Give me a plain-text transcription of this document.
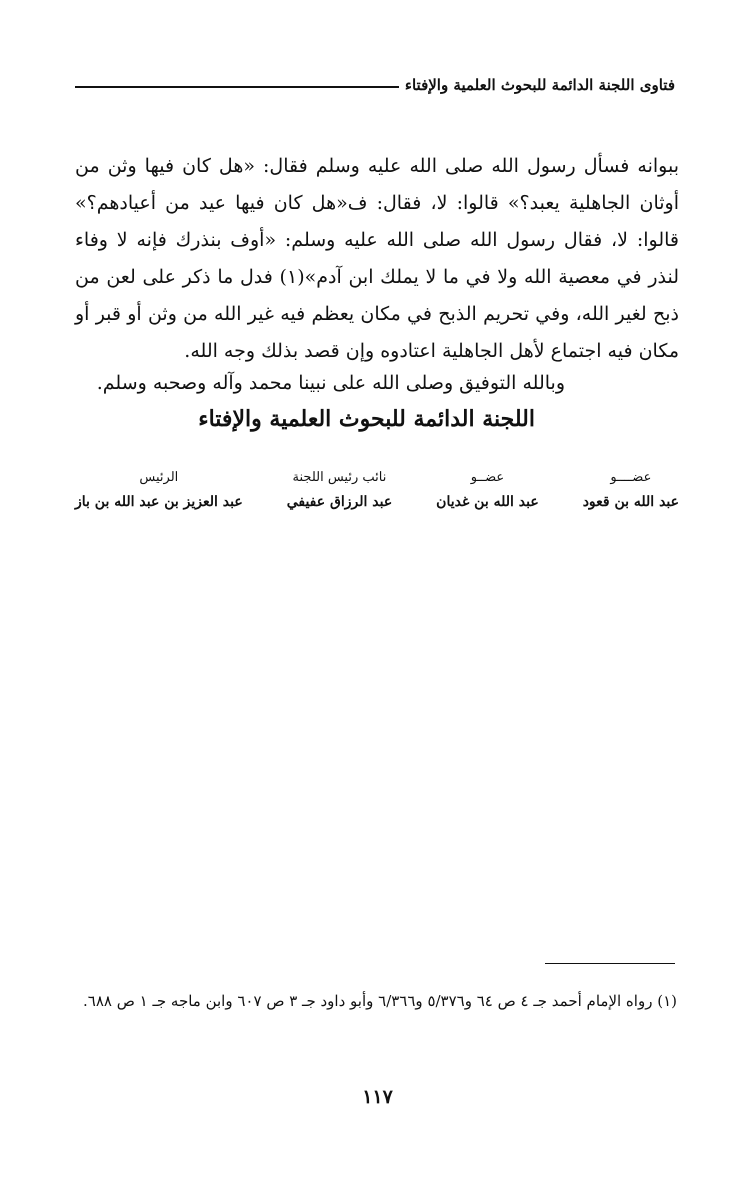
فتاوى اللجنة الدائمة للبحوث العلمية والإفتاء

ببوانه فسأل رسول الله صلى الله عليه وسلم فقال: «هل كان فيها وثن من أوثان الجاهلية يعبد؟» قالوا: لا، فقال: ف«هل كان فيها عيد من أعيادهم؟» قالوا: لا، فقال رسول الله صلى الله عليه وسلم: «أوف بنذرك فإنه لا وفاء لنذر في معصية الله ولا في ما لا يملك ابن آدم»(١) فدل ما ذكر على لعن من ذبح لغير الله، وفي تحريم الذبح في مكان يعظم فيه غير الله من وثن أو قبر أو مكان فيه اجتماع لأهل الجاهلية اعتادوه وإن قصد بذلك وجه الله.

وبالله التوفيق وصلى الله على نبينا محمد وآله وصحبه وسلم.
اللجنة الدائمة للبحوث العلمية والإفتاء
عضــــو
عبد الله بن قعود
عضــو
عبد الله بن غديان
نائب رئيس اللجنة
عبد الرزاق عفيفي
الرئيس
عبد العزيز بن عبد الله بن باز
(١) رواه الإمام أحمد جـ ٤ ص ٦٤ و٥/٣٧٦ و٦/٣٦٦ وأبو داود جـ ٣ ص ٦٠٧ وابن ماجه جـ ١ ص ٦٨٨.
١١٧
